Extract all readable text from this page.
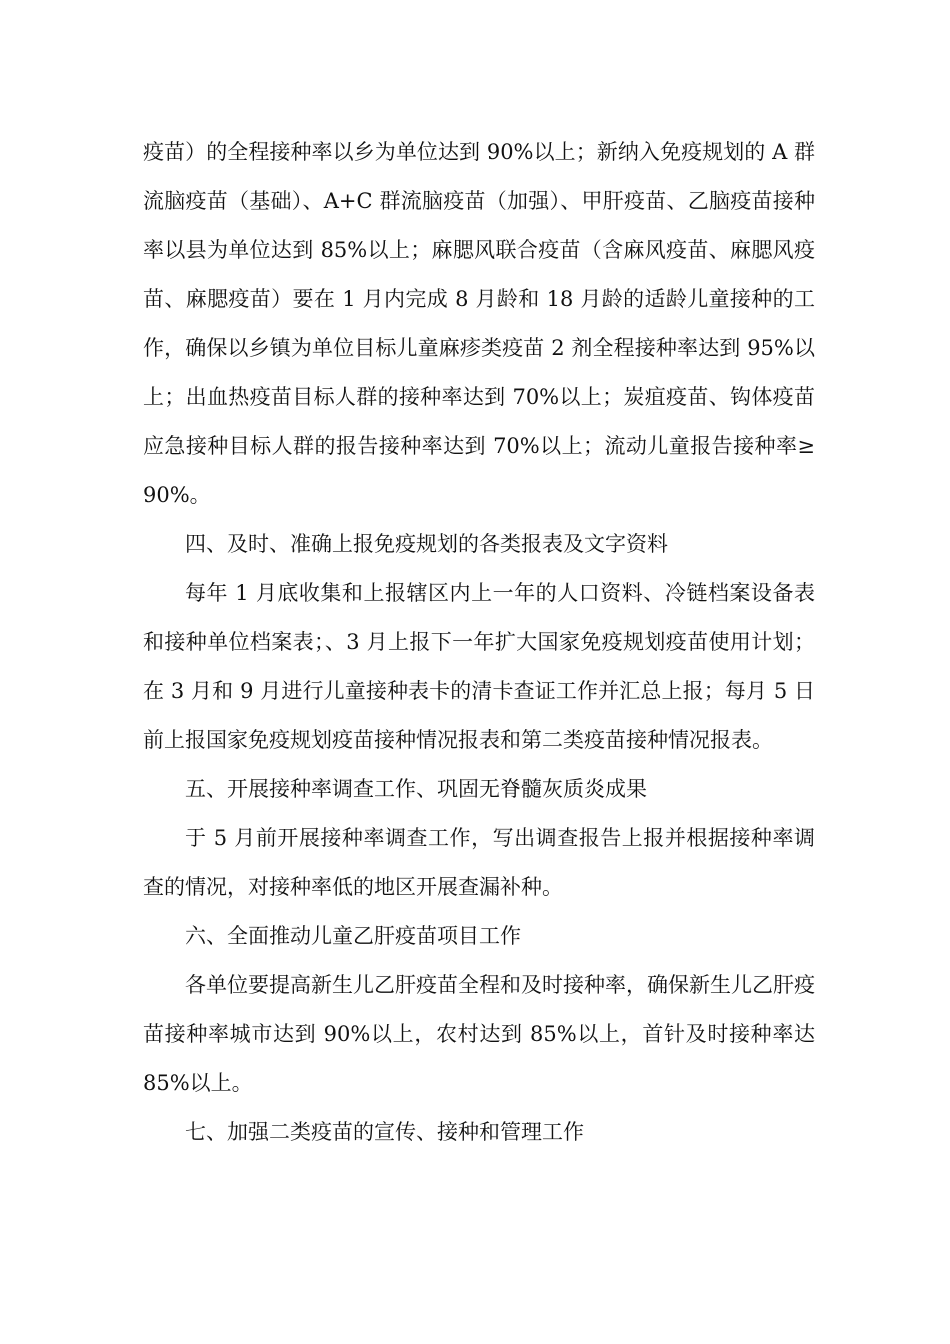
疫苗）的全程接种率以乡为单位达到 90%以上；新纳入免疫规划的 A 群流脑疫苗（基础）、A+C 群流脑疫苗（加强）、甲肝疫苗、乙脑疫苗接种率以县为单位达到 85%以上；麻腮风联合疫苗（含麻风疫苗、麻腮风疫苗、麻腮疫苗）要在 1 月内完成 8 月龄和 18 月龄的适龄儿童接种的工作，确保以乡镇为单位目标儿童麻疹类疫苗 2 剂全程接种率达到 95%以上；出血热疫苗目标人群的接种率达到 70%以上；炭疽疫苗、钩体疫苗应急接种目标人群的报告接种率达到 70%以上；流动儿童报告接种率≥90%。

四、及时、准确上报免疫规划的各类报表及文字资料

每年 1 月底收集和上报辖区内上一年的人口资料、冷链档案设备表和接种单位档案表；、3 月上报下一年扩大国家免疫规划疫苗使用计划；在 3 月和 9 月进行儿童接种表卡的清卡查证工作并汇总上报；每月 5 日前上报国家免疫规划疫苗接种情况报表和第二类疫苗接种情况报表。

五、开展接种率调查工作、巩固无脊髓灰质炎成果

于 5 月前开展接种率调查工作，写出调查报告上报并根据接种率调查的情况，对接种率低的地区开展查漏补种。

六、全面推动儿童乙肝疫苗项目工作

各单位要提高新生儿乙肝疫苗全程和及时接种率，确保新生儿乙肝疫苗接种率城市达到 90%以上，农村达到 85%以上，首针及时接种率达 85%以上。

七、加强二类疫苗的宣传、接种和管理工作
